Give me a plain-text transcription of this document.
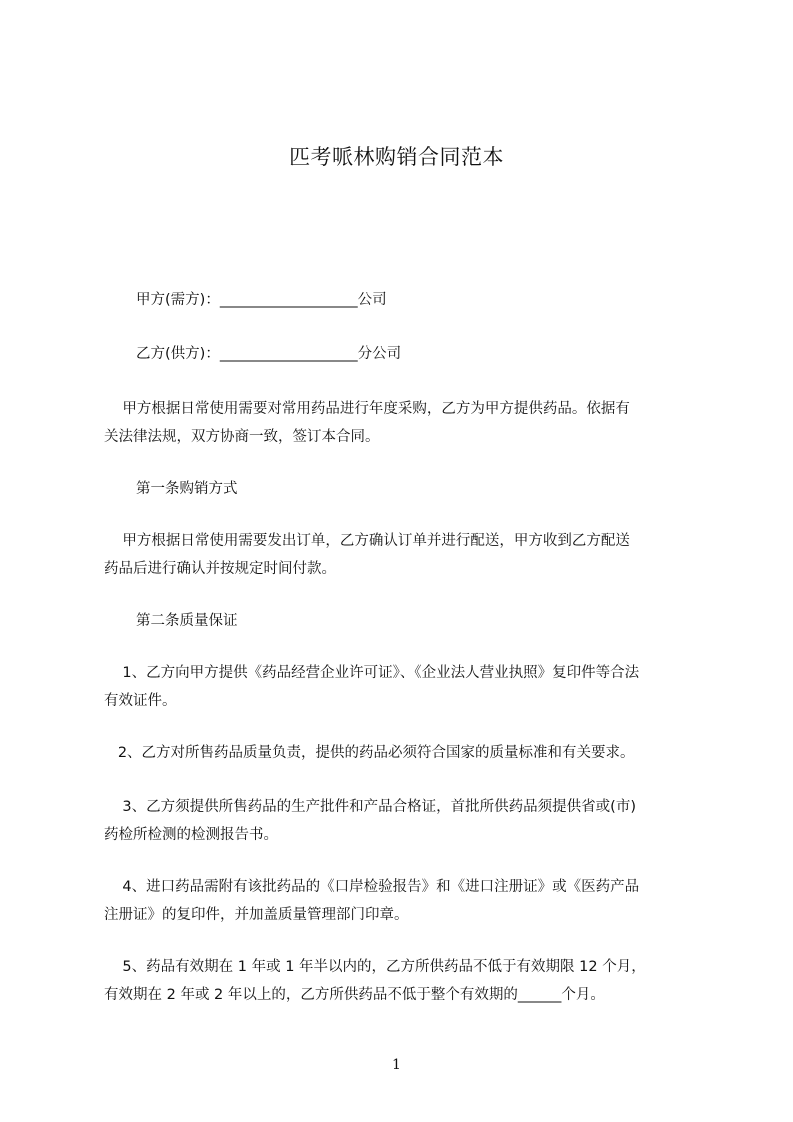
匹考哌林购销合同范本
甲方(需方)：___________________公司
乙方(供方)：___________________分公司
甲方根据日常使用需要对常用药品进行年度采购，乙方为甲方提供药品。依据有
关法律法规，双方协商一致，签订本合同。
第一条购销方式
甲方根据日常使用需要发出订单，乙方确认订单并进行配送，甲方收到乙方配送
药品后进行确认并按规定时间付款。
第二条质量保证
1、乙方向甲方提供《药品经营企业许可证》、《企业法人营业执照》复印件等合法
有效证件。
2、乙方对所售药品质量负责，提供的药品必须符合国家的质量标准和有关要求。
3、乙方须提供所售药品的生产批件和产品合格证，首批所供药品须提供省或(市)
药检所检测的检测报告书。
4、进口药品需附有该批药品的《口岸检验报告》和《进口注册证》或《医药产品
注册证》的复印件，并加盖质量管理部门印章。
5、药品有效期在 1 年或 1 年半以内的，乙方所供药品不低于有效期限 12 个月，
有效期在 2 年或 2 年以上的，乙方所供药品不低于整个有效期的______个月。
1
